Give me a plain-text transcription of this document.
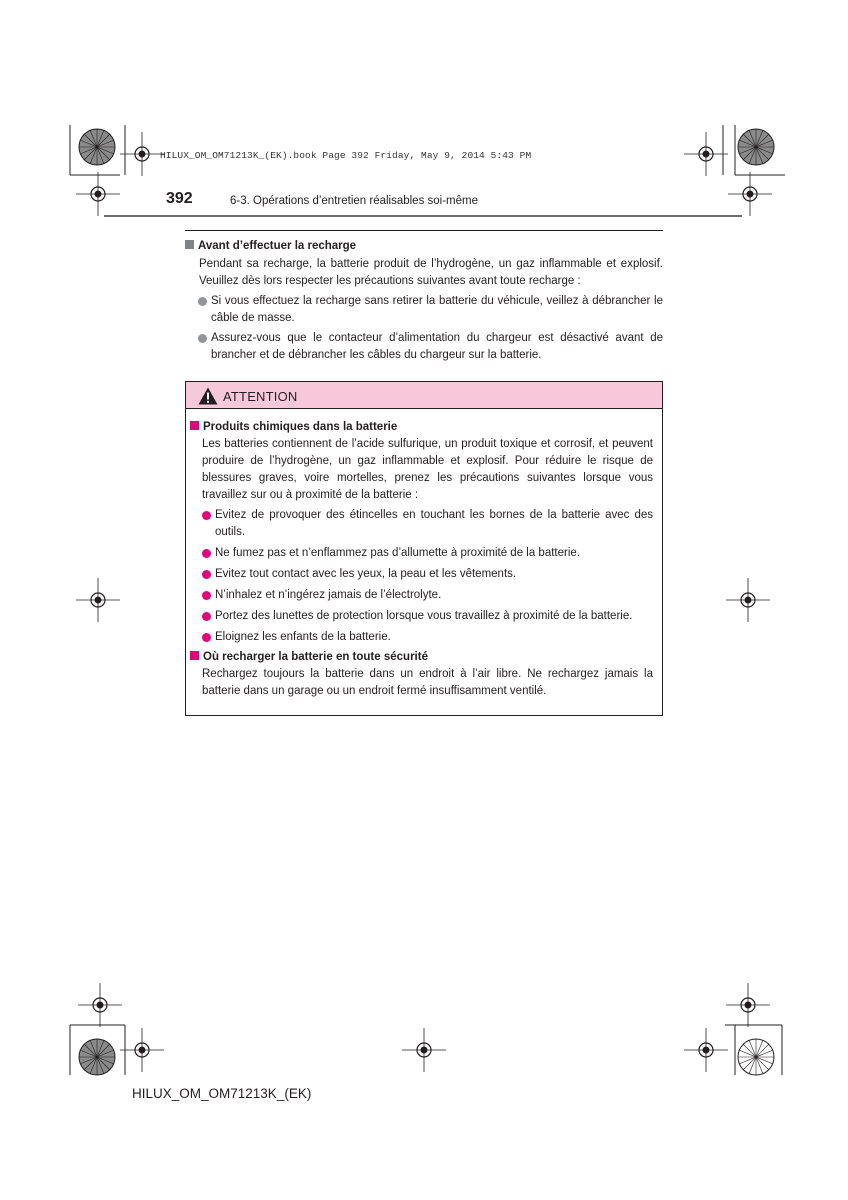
HILUX_OM_OM71213K_(EK).book Page 392 Friday, May 9, 2014 5:43 PM
392	6-3. Opérations d’entretien réalisables soi-même
Avant d’effectuer la recharge
Pendant sa recharge, la batterie produit de l’hydrogène, un gaz inflammable et explosif. Veuillez dès lors respecter les précautions suivantes avant toute recharge :
Si vous effectuez la recharge sans retirer la batterie du véhicule, veillez à débrancher le câble de masse.
Assurez-vous que le contacteur d’alimentation du chargeur est désactivé avant de brancher et de débrancher les câbles du chargeur sur la batterie.
ATTENTION
Produits chimiques dans la batterie
Les batteries contiennent de l’acide sulfurique, un produit toxique et corrosif, et peuvent produire de l’hydrogène, un gaz inflammable et explosif. Pour réduire le risque de blessures graves, voire mortelles, prenez les précautions suivantes lorsque vous travaillez sur ou à proximité de la batterie :
Evitez de provoquer des étincelles en touchant les bornes de la batterie avec des outils.
Ne fumez pas et n’enflammez pas d’allumette à proximité de la batterie.
Evitez tout contact avec les yeux, la peau et les vêtements.
N’inhalez et n’ingérez jamais de l’électrolyte.
Portez des lunettes de protection lorsque vous travaillez à proximité de la batterie.
Eloignez les enfants de la batterie.
Où recharger la batterie en toute sécurité
Rechargez toujours la batterie dans un endroit à l’air libre. Ne rechargez jamais la batterie dans un garage ou un endroit fermé insuffisamment ventilé.
HILUX_OM_OM71213K_(EK)
